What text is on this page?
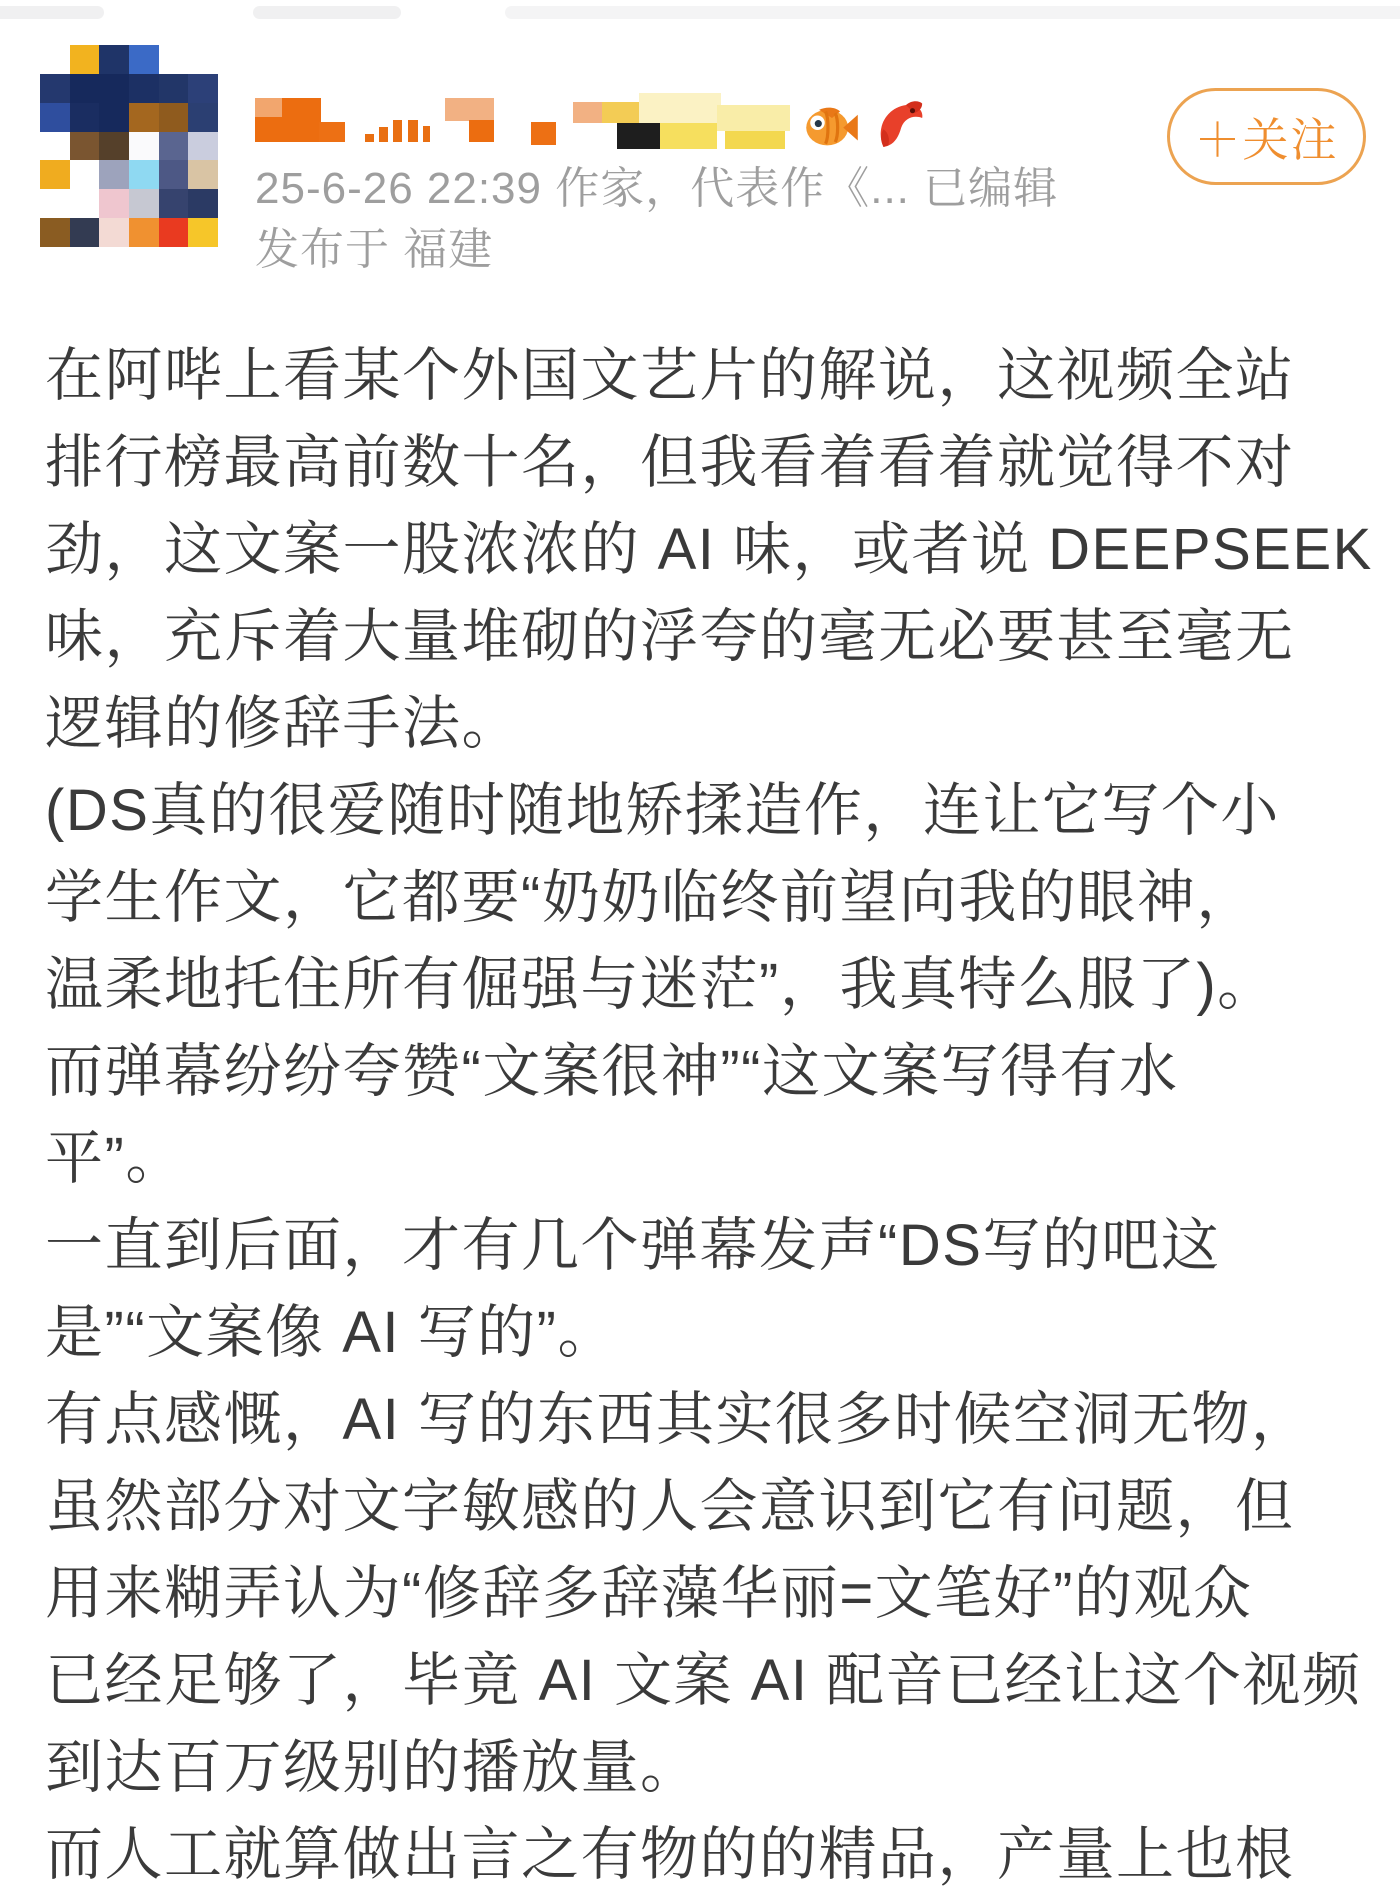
25-6-26 22:39 作家，代表作《... 已编辑
发布于 福建
＋关注
在阿哔上看某个外国文艺片的解说，这视频全站
排行榜最高前数十名，但我看着看着就觉得不对
劲，这文案一股浓浓的 AI 味，或者说 DEEPSEEK
味，充斥着大量堆砌的浮夸的毫无必要甚至毫无
逻辑的修辞手法。
(DS真的很爱随时随地矫揉造作，连让它写个小
学生作文，它都要“奶奶临终前望向我的眼神，
温柔地托住所有倔强与迷茫”，我真特么服了)。
而弹幕纷纷夸赞“文案很神”“这文案写得有水
平”。
一直到后面，才有几个弹幕发声“DS写的吧这
是”“文案像 AI 写的”。
有点感慨，AI 写的东西其实很多时候空洞无物，
虽然部分对文字敏感的人会意识到它有问题，但
用来糊弄认为“修辞多辞藻华丽=文笔好”的观众
已经足够了，毕竟 AI 文案 AI 配音已经让这个视频
到达百万级别的播放量。
而人工就算做出言之有物的的精品，产量上也根
